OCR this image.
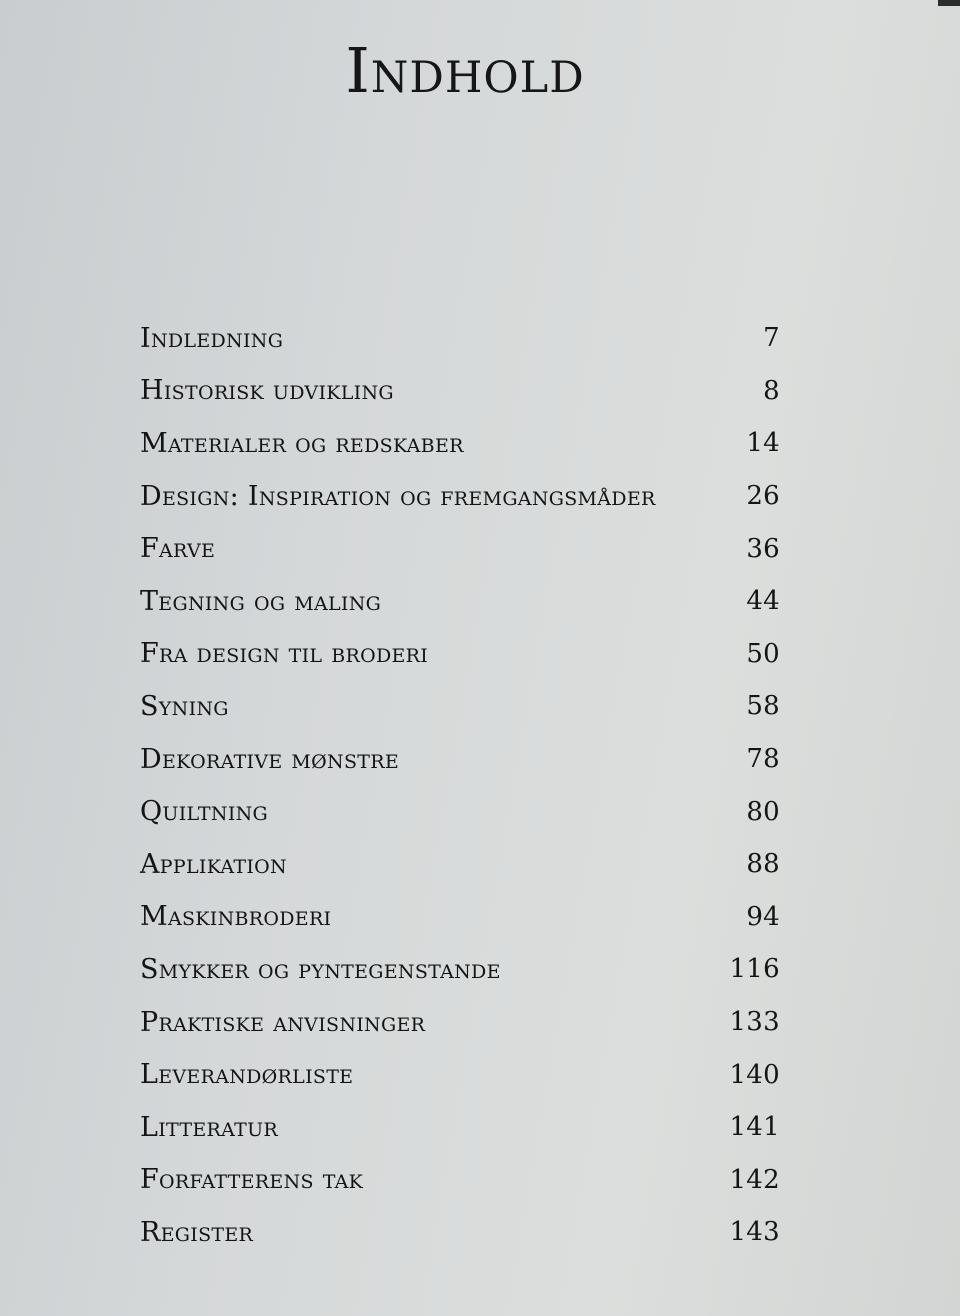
Indhold
Indledning	7
Historisk udvikling	8
Materialer og redskaber	14
Design: Inspiration og fremgangsmåder	26
Farve	36
Tegning og maling	44
Fra design til broderi	50
Syning	58
Dekorative mønstre	78
Quiltning	80
Applikation	88
Maskinbroderi	94
Smykker og pyntegenstande	116
Praktiske anvisninger	133
Leverandørliste	140
Litteratur	141
Forfatterens tak	142
Register	143
